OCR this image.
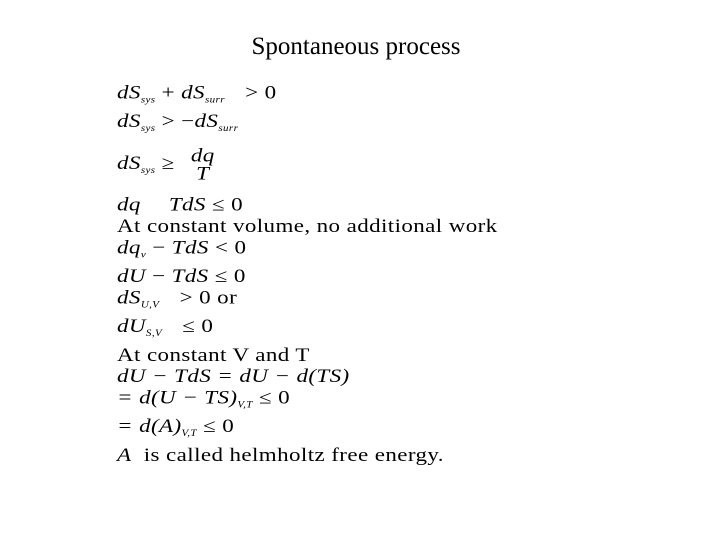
Spontaneous process
$dS_{sys} + dS_{surr} > 0$
$dS_{sys} > -dS_{surr}$
$dS_{sys}$ ≥ dq
T
dq TdS ≤ 0
At constant volume, no additional work
$dq_v$ − TdS < 0
dU − TdS ≤ 0
$dS_{U,V} > 0$ or
$dU_{S,V} \le 0$
At constant V and T
dU − TdS = dU − d(TS)
= $d(U - TS)_{V,T} \le 0$
= $d(A)_{V,T} \le 0$
A is called helmholtz free energy.
